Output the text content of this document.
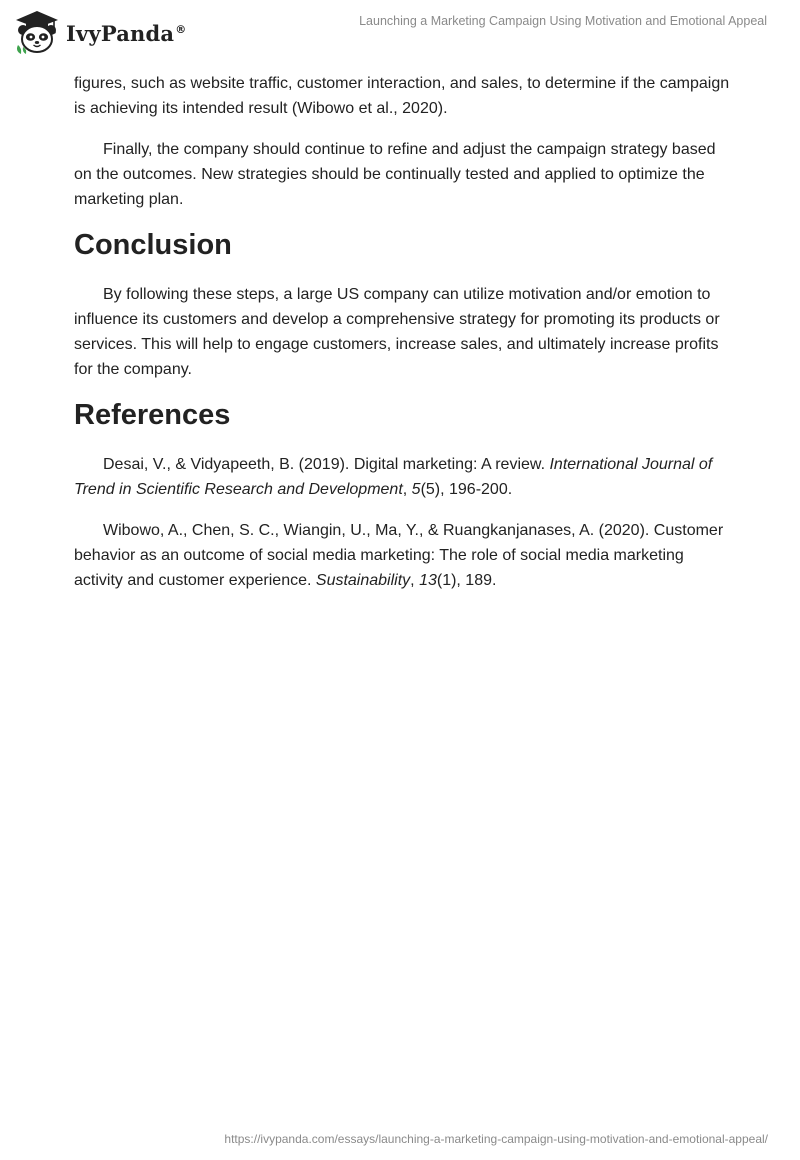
IvyPanda®
Launching a Marketing Campaign Using Motivation and Emotional Appeal

figures, such as website traffic, customer interaction, and sales, to determine if the campaign is achieving its intended result (Wibowo et al., 2020).

Finally, the company should continue to refine and adjust the campaign strategy based on the outcomes. New strategies should be continually tested and applied to optimize the marketing plan.

Conclusion

By following these steps, a large US company can utilize motivation and/or emotion to influence its customers and develop a comprehensive strategy for promoting its products or services. This will help to engage customers, increase sales, and ultimately increase profits for the company.

References

Desai, V., & Vidyapeeth, B. (2019). Digital marketing: A review. International Journal of Trend in Scientific Research and Development, 5(5), 196-200.

Wibowo, A., Chen, S. C., Wiangin, U., Ma, Y., & Ruangkanjanases, A. (2020). Customer behavior as an outcome of social media marketing: The role of social media marketing activity and customer experience. Sustainability, 13(1), 189.

https://ivypanda.com/essays/launching-a-marketing-campaign-using-motivation-and-emotional-appeal/
